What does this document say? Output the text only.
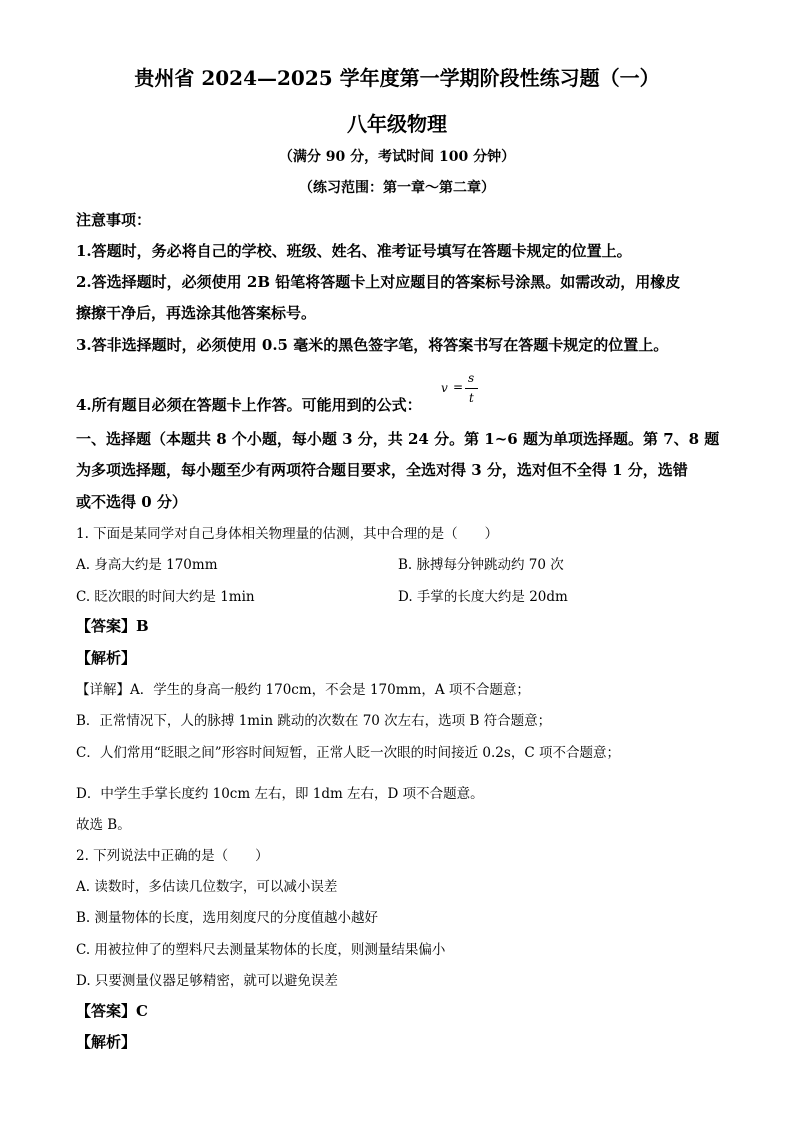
贵州省 2024—2025 学年度第一学期阶段性练习题（一）
八年级物理
（满分 90 分，考试时间 100 分钟）
（练习范围：第一章～第二章）
注意事项：
1.答题时，务必将自己的学校、班级、姓名、准考证号填写在答题卡规定的位置上。
2.答选择题时，必须使用 2B 铅笔将答题卡上对应题目的答案标号涂黑。如需改动，用橡皮
擦擦干净后，再选涂其他答案标号。
3.答非选择题时，必须使用 0.5 毫米的黑色签字笔，将答案书写在答题卡规定的位置上。
4.所有题目必须在答题卡上作答。可能用到的公式：
v =
s
t
一、选择题（本题共 8 个小题，每小题 3 分，共 24 分。第 1~6 题为单项选择题。第 7、8 题
为多项选择题，每小题至少有两项符合题目要求，全选对得 3 分，选对但不全得 1 分，选错
或不选得 0 分）
1. 下面是某同学对自己身体相关物理量的估测，其中合理的是（　　）
A. 身高大约是 170mm	B. 脉搏每分钟跳动约 70 次
C. 眨次眼的时间大约是 1min	D. 手掌的长度大约是 20dm
【答案】B
【解析】
【详解】A．学生的身高一般约 170cm，不会是 170mm，A 项不合题意；
B．正常情况下，人的脉搏 1min 跳动的次数在 70 次左右，选项 B 符合题意；
C．人们常用“眨眼之间”形容时间短暂，正常人眨一次眼的时间接近 0.2s，C 项不合题意；
D．中学生手掌长度约 10cm 左右，即 1dm 左右，D 项不合题意。
故选 B。
2. 下列说法中正确的是（　　）
A. 读数时，多估读几位数字，可以减小误差
B. 测量物体的长度，选用刻度尺的分度值越小越好
C. 用被拉伸了的塑料尺去测量某物体的长度，则测量结果偏小
D. 只要测量仪器足够精密，就可以避免误差
【答案】C
【解析】
